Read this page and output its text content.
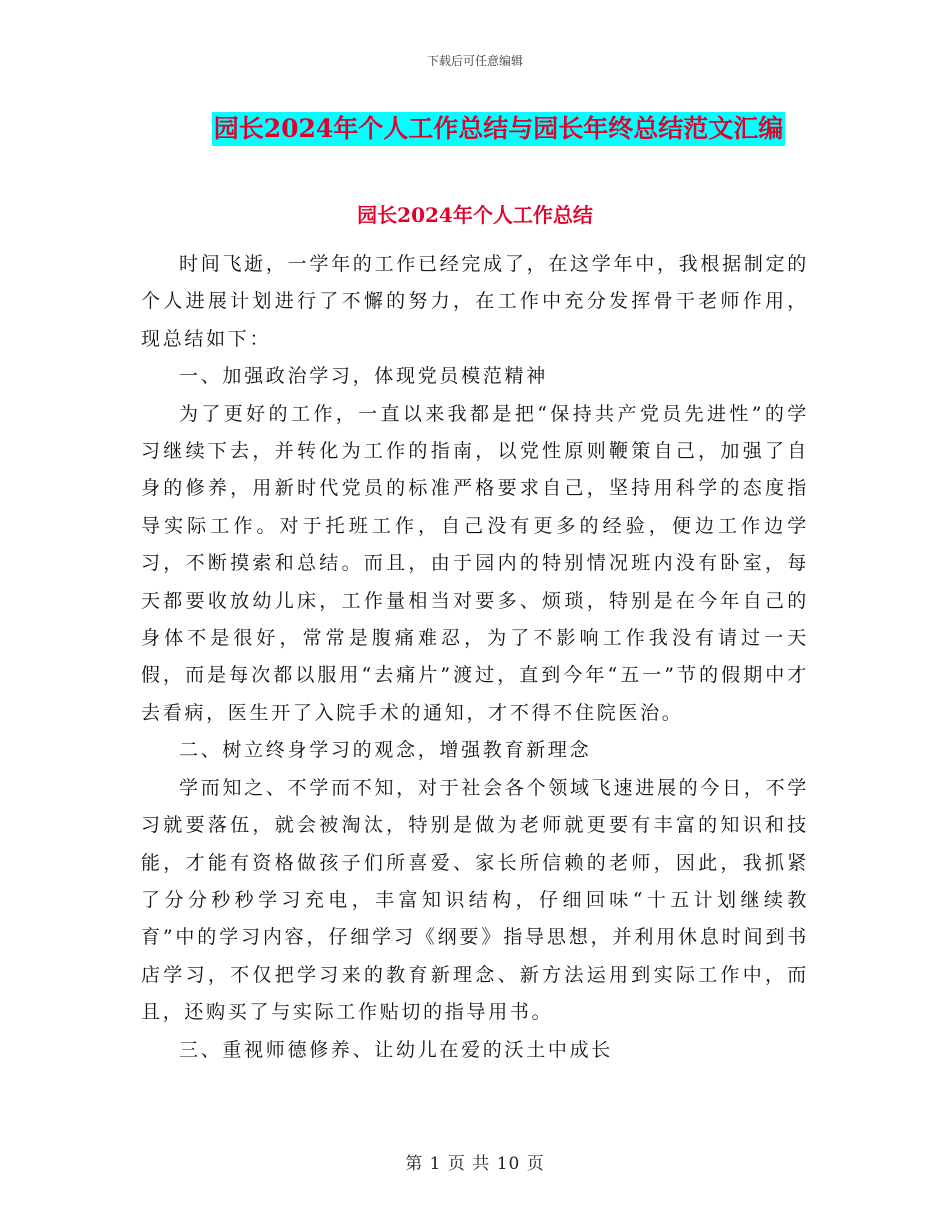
下载后可任意编辑
园长2024年个人工作总结与园长年终总结范文汇编
园长2024年个人工作总结

时间飞逝，一学年的工作已经完成了，在这学年中，我根据制定的个人进展计划进行了不懈的努力，在工作中充分发挥骨干老师作用，现总结如下：

一、加强政治学习，体现党员模范精神

为了更好的工作，一直以来我都是把“保持共产党员先进性”的学习继续下去，并转化为工作的指南，以党性原则鞭策自己，加强了自身的修养，用新时代党员的标准严格要求自己，坚持用科学的态度指导实际工作。对于托班工作，自己没有更多的经验，便边工作边学习，不断摸索和总结。而且，由于园内的特别情况班内没有卧室，每天都要收放幼儿床，工作量相当对要多、烦琐，特别是在今年自己的身体不是很好，常常是腹痛难忍，为了不影响工作我没有请过一天假，而是每次都以服用“去痛片”渡过，直到今年“五一”节的假期中才去看病，医生开了入院手术的通知，才不得不住院医治。

二、树立终身学习的观念，增强教育新理念

学而知之、不学而不知，对于社会各个领域飞速进展的今日，不学习就要落伍，就会被淘汰，特别是做为老师就更要有丰富的知识和技能，才能有资格做孩子们所喜爱、家长所信赖的老师，因此，我抓紧了分分秒秒学习充电，丰富知识结构，仔细回味“十五计划继续教育”中的学习内容，仔细学习《纲要》指导思想，并利用休息时间到书店学习，不仅把学习来的教育新理念、新方法运用到实际工作中，而且，还购买了与实际工作贴切的指导用书。

三、重视师德修养、让幼儿在爱的沃土中成长

第 1 页 共 10 页
